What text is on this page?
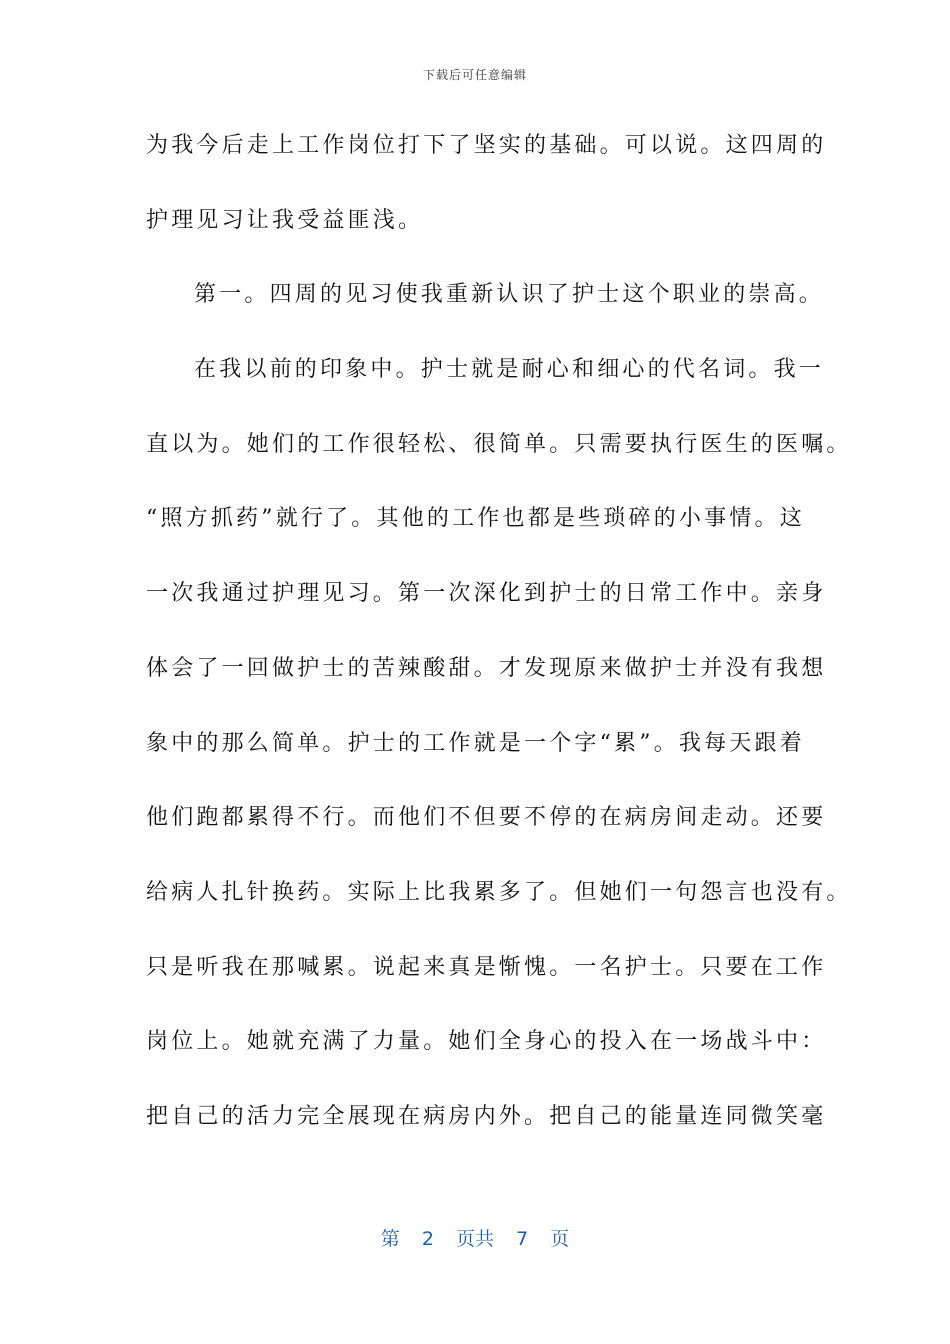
下载后可任意编辑
为我今后走上工作岗位打下了坚实的基础。可以说。这四周的
护理见习让我受益匪浅。
第一。四周的见习使我重新认识了护士这个职业的崇高。
在我以前的印象中。护士就是耐心和细心的代名词。我一
直以为。她们的工作很轻松、很简单。只需要执行医生的医嘱。
“照方抓药”就行了。其他的工作也都是些琐碎的小事情。这
一次我通过护理见习。第一次深化到护士的日常工作中。亲身
体会了一回做护士的苦辣酸甜。才发现原来做护士并没有我想
象中的那么简单。护士的工作就是一个字“累”。我每天跟着
他们跑都累得不行。而他们不但要不停的在病房间走动。还要
给病人扎针换药。实际上比我累多了。但她们一句怨言也没有。
只是听我在那喊累。说起来真是惭愧。一名护士。只要在工作
岗位上。她就充满了力量。她们全身心的投入在一场战斗中：
把自己的活力完全展现在病房内外。把自己的能量连同微笑毫
第 2 页共 7 页
